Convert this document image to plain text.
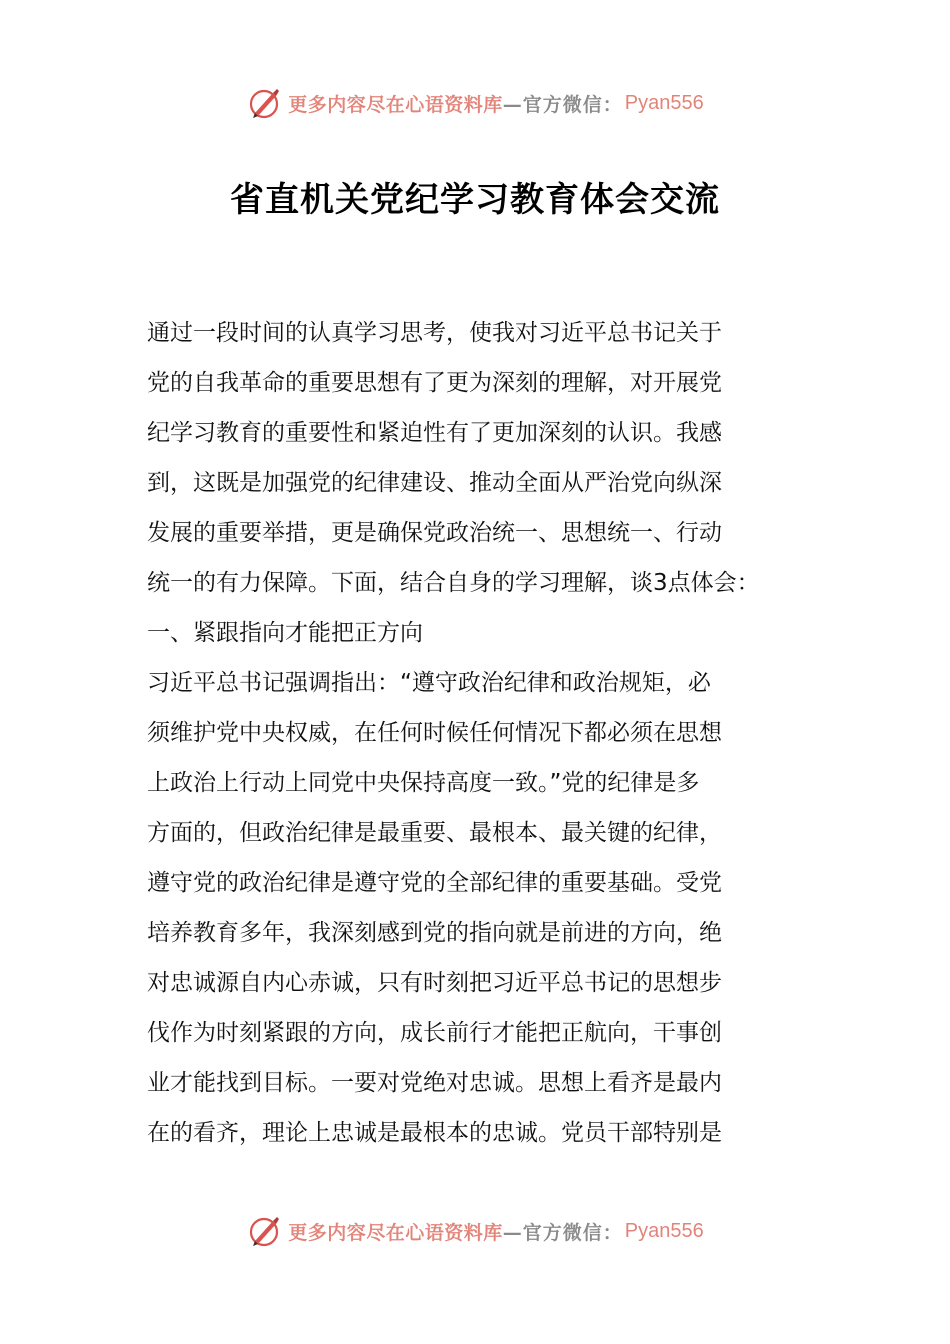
更多内容尽在心语资料库 —官方微信： Pyan556
省直机关党纪学习教育体会交流
通过一段时间的认真学习思考，使我对习近平总书记关于
党的自我革命的重要思想有了更为深刻的理解，对开展党
纪学习教育的重要性和紧迫性有了更加深刻的认识。我感
到，这既是加强党的纪律建设、推动全面从严治党向纵深
发展的重要举措，更是确保党政治统一、思想统一、行动
统一的有力保障。下面，结合自身的学习理解，谈3点体会：
一、紧跟指向才能把正方向
习近平总书记强调指出：“遵守政治纪律和政治规矩，必
须维护党中央权威，在任何时候任何情况下都必须在思想
上政治上行动上同党中央保持高度一致。”党的纪律是多
方面的，但政治纪律是最重要、最根本、最关键的纪律，
遵守党的政治纪律是遵守党的全部纪律的重要基础。受党
培养教育多年，我深刻感到党的指向就是前进的方向，绝
对忠诚源自内心赤诚，只有时刻把习近平总书记的思想步
伐作为时刻紧跟的方向，成长前行才能把正航向，干事创
业才能找到目标。一要对党绝对忠诚。思想上看齐是最内
在的看齐，理论上忠诚是最根本的忠诚。党员干部特别是
更多内容尽在心语资料库 —官方微信： Pyan556
